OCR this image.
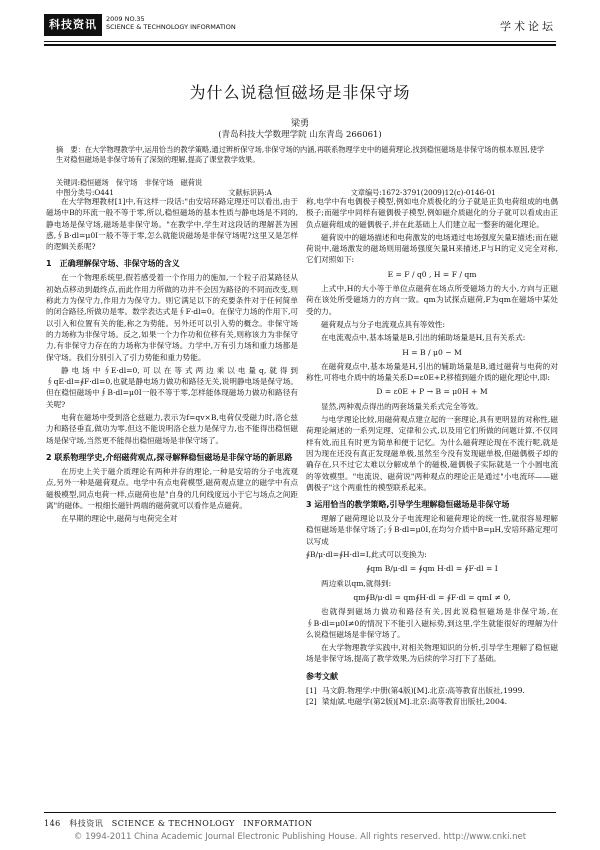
科技资讯	2009 NO.35
SCIENCE & TECHNOLOGY INFORMATION	学术论坛
为什么说稳恒磁场是非保守场
梁勇
(青岛科技大学数理学院 山东青岛 266061)
摘　要：在大学物理教学中,运用恰当的教学策略,通过辨析保守场,非保守场的内涵,再联系物理学史中的磁荷理论,找到稳恒磁场是非保守场的根本原因,使学生对稳恒磁场是非保守场有了深刻的理解,提高了课堂教学效果。
关键词:稳恒磁场　保守场　非保守场　磁荷说
中图分类号:O441	文献标识码:A	文章编号:1672-3791(2009)12(c)-0146-01

在大学物理教材[1]中,有这样一段话:"由安培环路定理还可以看出,由于磁场中B的环流一般不等于零,所以,稳恒磁场的基本性质与静电场是不同的,静电场是保守场,磁场是非保守场。"在教学中,学生对这段话的理解甚为困惑,∮B·dl=μ0I一般不等于零,怎么就能说磁场是非保守场呢?这里又是怎样的逻辑关系呢?

1　正确理解保守场、非保守场的含义

在一个物理系统里,假若感受着一个作用力的施加,一个粒子沿某路径从初始点移动到最终点,而此作用力所做的功并不会因为路径的不同而改变,则称此力为保守力,作用力为保守力。则它满足以下的充要条件对于任何简单的闭合路径,所做功是零。数学表达式是∮F·dl=0。在保守力场的作用下,可以引入和位置有关的能,称之为势能。另外还可以引入势的概念。非保守场的力场称为非保守场。反之,如果一个力作功和位移有关,则称该力为非保守力,有非保守力存在的力场称为非保守场。力学中,万有引力场和重力场都是保守场。我们分别引入了引力势能和重力势能。

静电场中∮E·dl=0,可以在等式两边乘以电量q,就得到∮qE·dl=∮F·dl=0,也就是静电场力做功和路径无关,说明静电场是保守场。但在稳恒磁场中∮B·dl=μ0I一般不等于零,怎样能体现磁场力做功和路径有关呢?

电荷在磁场中受到洛仑兹磁力,表示为f=qv×B,电荷仅受磁力时,洛仑兹力和路径垂直,做功为零,但这不能说明洛仑兹力是保守力,也不能得出稳恒磁场是保守场,当然更不能得出稳恒磁场是非保守场了。

2 联系物理学史,介绍磁荷观点,探寻解释稳恒磁场是非保守场的新思路

在历史上关于磁介质理论有两种并存的理论,一种是安培的分子电流观点,另外一种是磁荷观点。电学中有点电荷模型,磁荷观点建立的磁学中有点磁极模型,同点电荷一样,点磁荷也是"自身的几何线度远小于它与场点之间距离"的磁体。一根细长磁针两端的磁荷就可以看作是点磁荷。

在早期的理论中,磁荷与电荷完全对

称,电学中有电偶极子模型,例如电介质极化的分子就是正负电荷组成的电偶极子;而磁学中同样有磁偶极子模型,例如磁介质磁化的分子就可以看成由正负点磁荷组成的磁偶极子,并在此基础上人们建立起一整套的磁化理论。

磁荷说中的磁场描述和电荷激发的电场通过电场强度矢量E描述;而在磁荷说中,磁场激发的磁场则用磁场强度矢量H来描述,F与H的定义完全对称,它们对照如下:

E = F / q0 , H = F / qm

上式中,H的大小等于单位点磁荷在场点所受磁场力的大小,方向与正磁荷在该处所受磁场力的方向一致。qm为试探点磁荷,F为qm在磁场中某处受的力。

磁荷观点与分子电流观点具有等效性:

在电流观点中,基本场量是B,引出的辅助场量是H,且有关系式:

H = B / μ0 − M

在磁荷观点中,基本场量是H,引出的辅助场量是B,通过磁荷与电荷的对称性,可将电介质中的场量关系D=ε0E+P,移植到磁介质的磁化理论中,即:

D = ε0E + P → B = μ0H + M

显然,两种观点得出的两套场量关系式完全等效。

与电学理论比较,用磁荷观点建立起的一套理论,具有更明显的对称性,磁荷理论阐述的一系列定理、定律和公式,以及用它们所做的问题计算,不仅同样有效,而且有时更为简单和便于记忆。为什么磁荷理论现在不流行呢,就是因为现在还没有真正发现磁单极,虽然至今没有发现磁单极,但磁偶极子却的确存在,只不过它太难以分解成单个的磁极,磁偶极子实际就是一个小圆电流的等效模型。"电流说、磁荷说"两种观点的理论正是通过"小电流环——磁偶极子"这个两重性的模型联系起来。

3 运用恰当的教学策略,引导学生理解稳恒磁场是非保守场

理解了磁荷理论以及分子电流理论和磁荷理论的统一性,就很容易理解稳恒磁场是非保守场了;∮B·dl=μ0I,在均匀介质中B=μH,安培环路定理可以写成

∮B/μ·dl=∮H·dl=I,此式可以变换为:

∮qm B/μ·dl = ∮qm H·dl = ∮F·dl = I

两边乘以qm,就得到:

qm∮B/μ·dl = qm∮H·dl = ∮F·dl = qmI ≠ 0,

也就得到磁场力做功和路径有关,因此说稳恒磁场是非保守场,在∮B·dl=μ0I≠0的情况下不能引入磁标势,到这里,学生就能很好的理解为什么说稳恒磁场是非保守场了。

在大学物理教学实践中,对相关物理知识的分析,引导学生理解了稳恒磁场是非保守场,提高了教学效果,为后续的学习打下了基础。

参考文献

[1] 马文蔚.物理学:中册(第4版)[M].北京:高等教育出版社,1999.

[2] 梁灿斌.电磁学(第2版)[M].北京:高等教育出版社,2004.

146　科技资讯　SCIENCE & TECHNOLOGY　INFORMATION
© 1994-2011 China Academic Journal Electronic Publishing House. All rights reserved. http://www.cnki.net
